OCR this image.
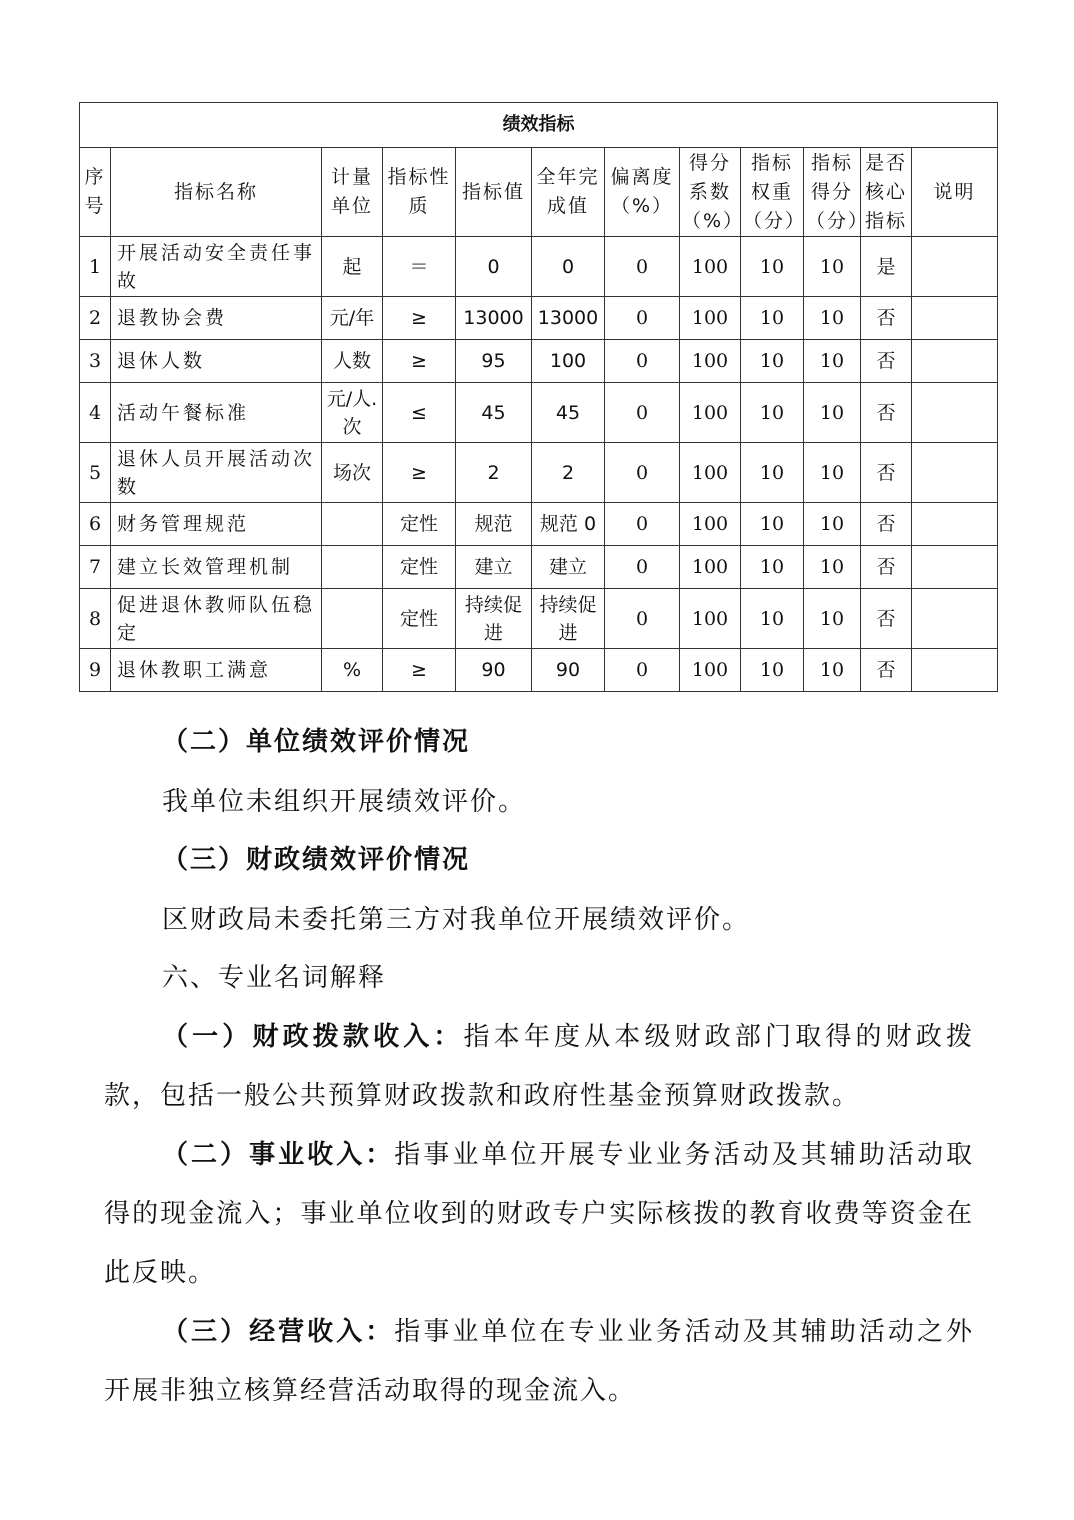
绩效指标											
序号	指标名称	计量单位	指标性质	指标值	全年完成值	偏离度（%）	得分系数（%）	指标权重（分）	指标得分（分）	是否核心指标	说明
1	开展活动安全责任事故	起	＝	0	0	0	100	10	10	是	
2	退教协会费	元/年	≥	13000	13000	0	100	10	10	否	
3	退休人数	人数	≥	95	100	0	100	10	10	否	
4	活动午餐标准	元/人.次	≤	45	45	0	100	10	10	否	
5	退休人员开展活动次数	场次	≥	2	2	0	100	10	10	否	
6	财务管理规范		定性	规范	规范 0	0	100	10	10	否	
7	建立长效管理机制		定性	建立	建立	0	100	10	10	否	
8	促进退休教师队伍稳定		定性	持续促进	持续促进	0	100	10	10	否	
9	退休教职工满意	%	≥	90	90	0	100	10	10	否	
（二）单位绩效评价情况
我单位未组织开展绩效评价。
（三）财政绩效评价情况
区财政局未委托第三方对我单位开展绩效评价。
六、专业名词解释
（一）财政拨款收入：指本年度从本级财政部门取得的财政拨款，包括一般公共预算财政拨款和政府性基金预算财政拨款。
（二）事业收入：指事业单位开展专业业务活动及其辅助活动取得的现金流入；事业单位收到的财政专户实际核拨的教育收费等资金在此反映。
（三）经营收入：指事业单位在专业业务活动及其辅助活动之外开展非独立核算经营活动取得的现金流入。
